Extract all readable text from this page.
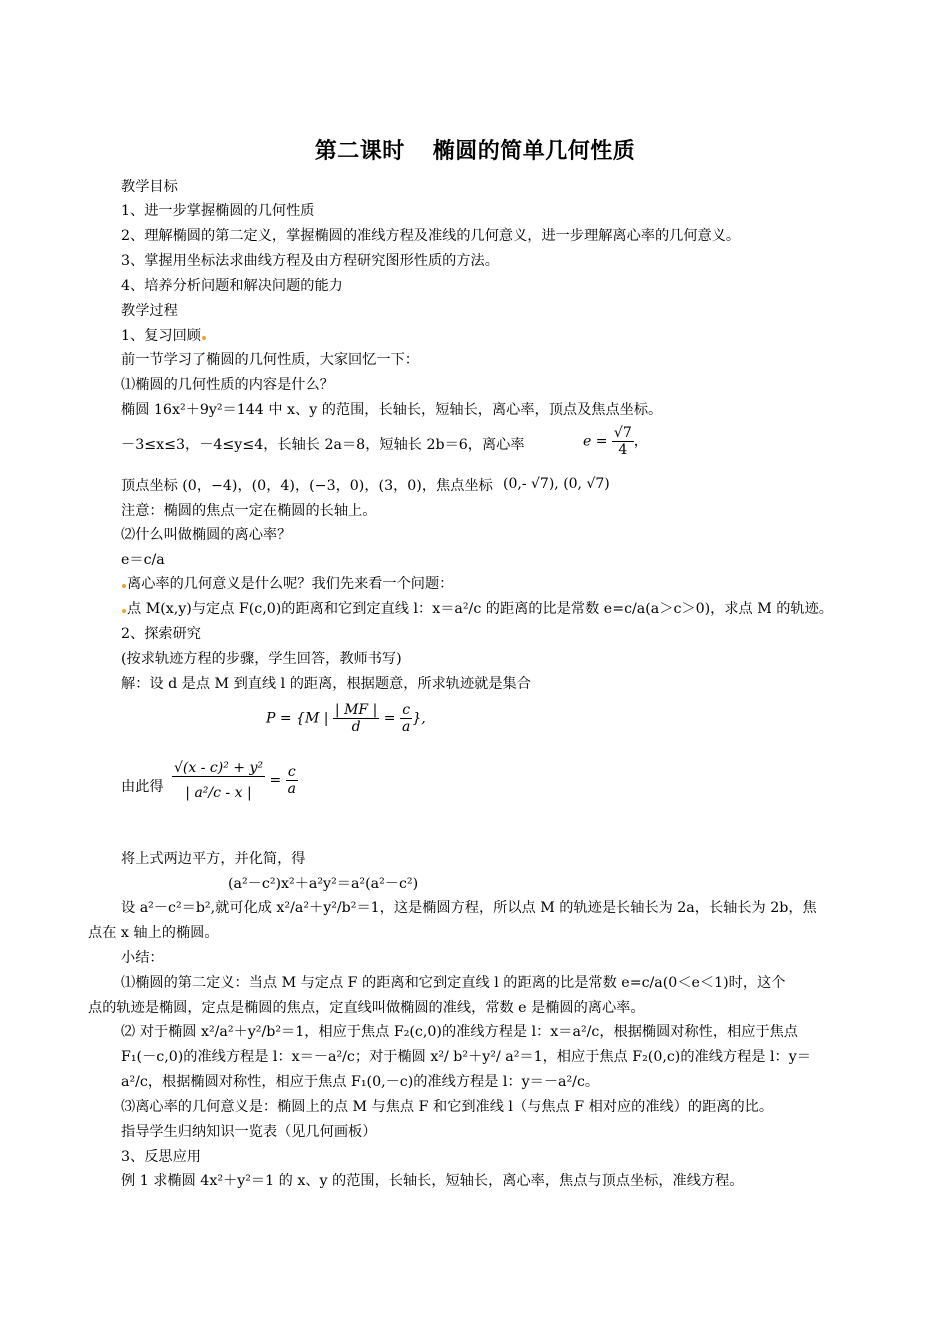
第二课时 椭圆的简单几何性质
教学目标
1、进一步掌握椭圆的几何性质
2、理解椭圆的第二定义，掌握椭圆的准线方程及准线的几何意义，进一步理解离心率的几何意义。
3、掌握用坐标法求曲线方程及由方程研究图形性质的方法。
4、培养分析问题和解决问题的能力
教学过程
1、复习回顾
前一节学习了椭圆的几何性质，大家回忆一下：
⑴椭圆的几何性质的内容是什么？
椭圆 16x²＋9y²＝144 中 x、y 的范围，长轴长，短轴长，离心率，顶点及焦点坐标。
－3≤x≤3，－4≤y≤4，长轴长 2a＝8，短轴长 2b＝6，离心率	$e = \frac{√7}{4}$ ，
顶点坐标 (0，−4)，(0，4)，(−3，0)，(3，0)，焦点坐标 (0,- √7), (0, √7)
注意：椭圆的焦点一定在椭圆的长轴上。
⑵什么叫做椭圆的离心率？
e＝c/a
离心率的几何意义是什么呢？我们先来看一个问题：
点 M(x,y)与定点 F(c,0)的距离和它到定直线 l：x＝a²/c 的距离的比是常数 e=c/a(a＞c＞0)，求点 M 的轨迹。
2、探索研究
(按求轨迹方程的步骤，学生回答，教师书写)
解：设 d 是点 M 到直线 l 的距离，根据题意，所求轨迹就是集合
P = {M | $\frac{| MF |}{d} = \frac{c}{a}$ },
由此得 $\frac{\text{√(x - c)² + y²}}{\text{| a²/c - x |}} = \frac{c}{a}$
将上式两边平方，并化简，得
(a²－c²)x²＋a²y²＝a²(a²－c²)
设 a²－c²＝b²,就可化成 x²/a²＋y²/b²＝1，这是椭圆方程，所以点 M 的轨迹是长轴长为 2a，长轴长为 2b，焦
点在 x 轴上的椭圆。
小结：
⑴椭圆的第二定义：当点 M 与定点 F 的距离和它到定直线 l 的距离的比是常数 e=c/a(0＜e＜1)时，这个
点的轨迹是椭圆，定点是椭圆的焦点，定直线叫做椭圆的准线，常数 e 是椭圆的离心率。
⑵ 对于椭圆 x²/a²＋y²/b²＝1，相应于焦点 F₂(c,0)的准线方程是 l：x＝a²/c，根据椭圆对称性，相应于焦点
F₁(－c,0)的准线方程是 l：x＝－a²/c；对于椭圆 x²/ b²＋y²/ a²＝1，相应于焦点 F₂(0,c)的准线方程是 l：y＝
a²/c，根据椭圆对称性，相应于焦点 F₁(0,－c)的准线方程是 l：y＝－a²/c。
⑶离心率的几何意义是：椭圆上的点 M 与焦点 F 和它到准线 l（与焦点 F 相对应的准线）的距离的比。
指导学生归纳知识一览表（见几何画板）
3、反思应用
例 1 求椭圆 4x²＋y²＝1 的 x、y 的范围，长轴长，短轴长，离心率，焦点与顶点坐标，准线方程。
